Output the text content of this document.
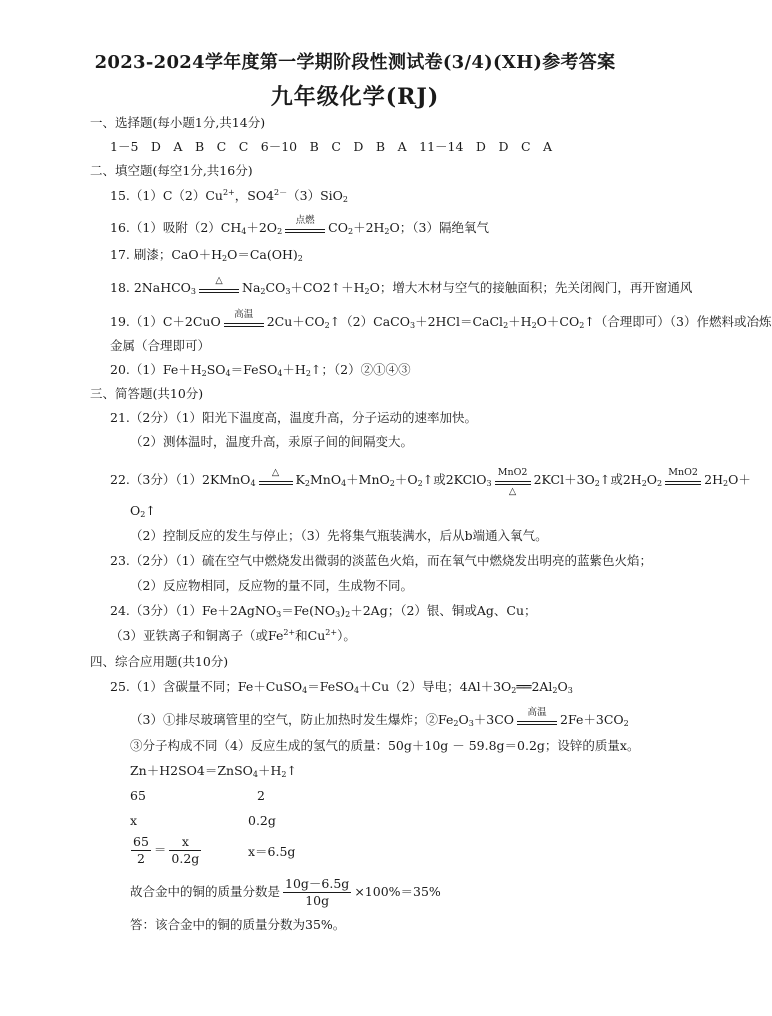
2023-2024学年度第一学期阶段性测试卷(3/4)(XH)参考答案
九年级化学(RJ)
一、选择题(每小题1分,共14分)
1－5　D　A　B　C　C　6－10　B　C　D　B　A　11－14　D　D　C　A
二、填空题(每空1分,共16分)
$15.(1)C(2)Cu^{2+}$，$SO4^{2-}(3)SiO_2$
16.（1）吸附$(2)CH_4+2O_2$
点燃	$CO_2+2H_2O$；（3）隔绝氧气
17. 刷漆；$CaO+H_2O=Ca(OH)_2$
18. 2NaHCO$_3$
△	$Na_2CO_3+CO2↑+H_2O$；增大木材与空气的接触面积；先关闭阀门，再开窗通风
19.（1）C＋2CuO	高温	$2Cu+CO_2↑(2)CaCO_3+2HCl=CaCl_2+H_2O+CO_2↑$（合理即可）（3）作燃料或冶炼
金属（合理即可）
$20.(1)Fe+H_2SO_4=FeSO_4+H_2↑$；（2）②①④③
三、简答题(共10分)
21.（2分）（1）阳光下温度高，温度升高，分子运动的速率加快。
（2）测体温时，温度升高，汞原子间的间隔变大。
22.（3分）（1）2KMnO$_4$
△	$K_2MnO_4+MnO_2+O_2↑$或2KClO$_3$
MnO2
△
$2KCl+3O_2↑$或$2H_2O_2$
MnO2 $2H_2O+$
$O_2↑$
（2）控制反应的发生与停止；（3）先将集气瓶装满水，后从b端通入氧气。
23.（2分）（1）硫在空气中燃烧发出微弱的淡蓝色火焰，而在氧气中燃烧发出明亮的蓝紫色火焰；
（2）反应物相同，反应物的量不同，生成物不同。
24.（3分）$(1)Fe+2AgNO_3=Fe(NO_3)_2+2Ag$；（2）银、铜或Ag、Cu；
（3）亚铁离子和铜离子（或$Fe^{2+}$和$Cu^{2+}$）。
四、综合应用题(共10分)
25.（1）含碳量不同；Fe＋CuSO$_4$＝FeSO$_4$＋Cu（2）导电；$4Al+3O_2══2Al_2O_3$
（3）①排尽玻璃管里的空气，防止加热时发生爆炸；$②Fe_2O_3+3CO$	高温	$2Fe+3CO_2$
③分子构成不同（4）反应生成的氢气的质量：50g＋10g － 59.8g＝0.2g；设锌的质量x。
$Zn+H2SO4=ZnSO_4+H_2↑$
65	2
x	0.2g
$\frac{65}{2} = \frac{x}{0.2g}$	x＝6.5g
故合金中的铜的质量分数是 $\frac{10g-6.5g}{10g} \times 100\%=35\%$
答：该合金中的铜的质量分数为35%。
